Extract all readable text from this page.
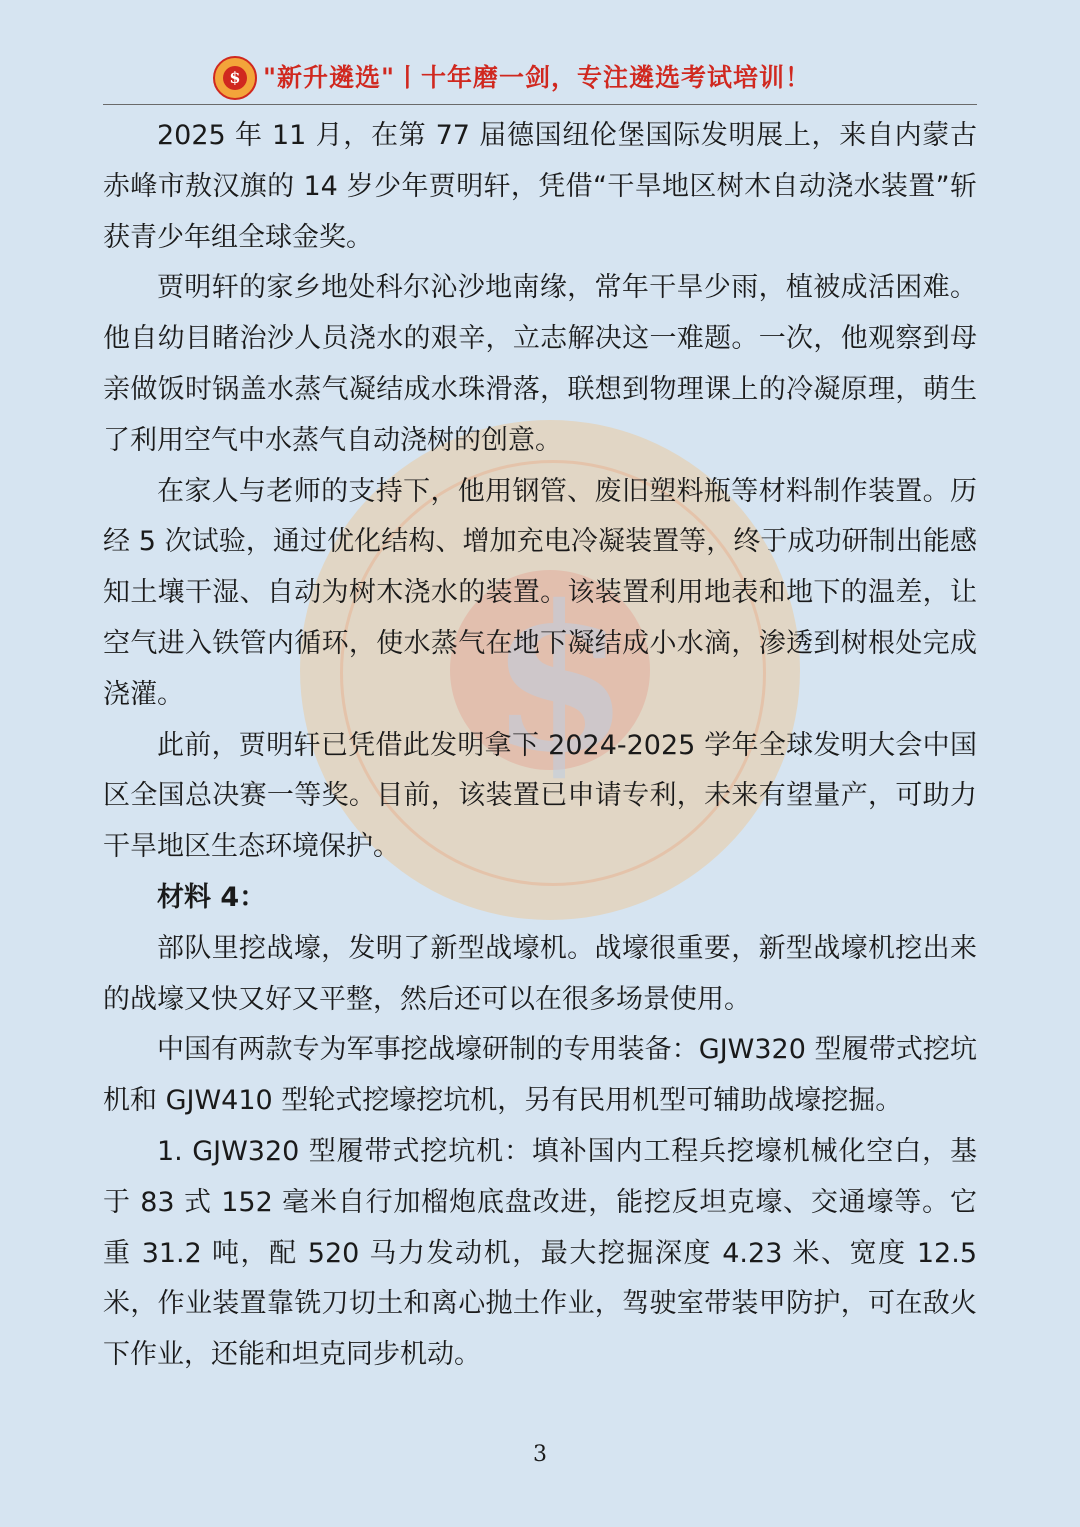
$
$ "新升遴选"丨十年磨一剑，专注遴选考试培训！

2025 年 11 月，在第 77 届德国纽伦堡国际发明展上，来自内蒙古赤峰市敖汉旗的 14 岁少年贾明轩，凭借“干旱地区树木自动浇水装置”斩获青少年组全球金奖。

贾明轩的家乡地处科尔沁沙地南缘，常年干旱少雨，植被成活困难。他自幼目睹治沙人员浇水的艰辛，立志解决这一难题。一次，他观察到母亲做饭时锅盖水蒸气凝结成水珠滑落，联想到物理课上的冷凝原理，萌生了利用空气中水蒸气自动浇树的创意。

在家人与老师的支持下，他用钢管、废旧塑料瓶等材料制作装置。历经 5 次试验，通过优化结构、增加充电冷凝装置等，终于成功研制出能感知土壤干湿、自动为树木浇水的装置。该装置利用地表和地下的温差，让空气进入铁管内循环，使水蒸气在地下凝结成小水滴，渗透到树根处完成浇灌。

此前，贾明轩已凭借此发明拿下 2024-2025 学年全球发明大会中国区全国总决赛一等奖。目前，该装置已申请专利，未来有望量产，可助力干旱地区生态环境保护。

材料 4：

部队里挖战壕，发明了新型战壕机。战壕很重要，新型战壕机挖出来的战壕又快又好又平整，然后还可以在很多场景使用。

中国有两款专为军事挖战壕研制的专用装备：GJW320 型履带式挖坑机和 GJW410 型轮式挖壕挖坑机，另有民用机型可辅助战壕挖掘。

1. GJW320 型履带式挖坑机：填补国内工程兵挖壕机械化空白，基于 83 式 152 毫米自行加榴炮底盘改进，能挖反坦克壕、交通壕等。它重 31.2 吨，配 520 马力发动机，最大挖掘深度 4.23 米、宽度 12.5 米，作业装置靠铣刀切土和离心抛土作业，驾驶室带装甲防护，可在敌火下作业，还能和坦克同步机动。

3
